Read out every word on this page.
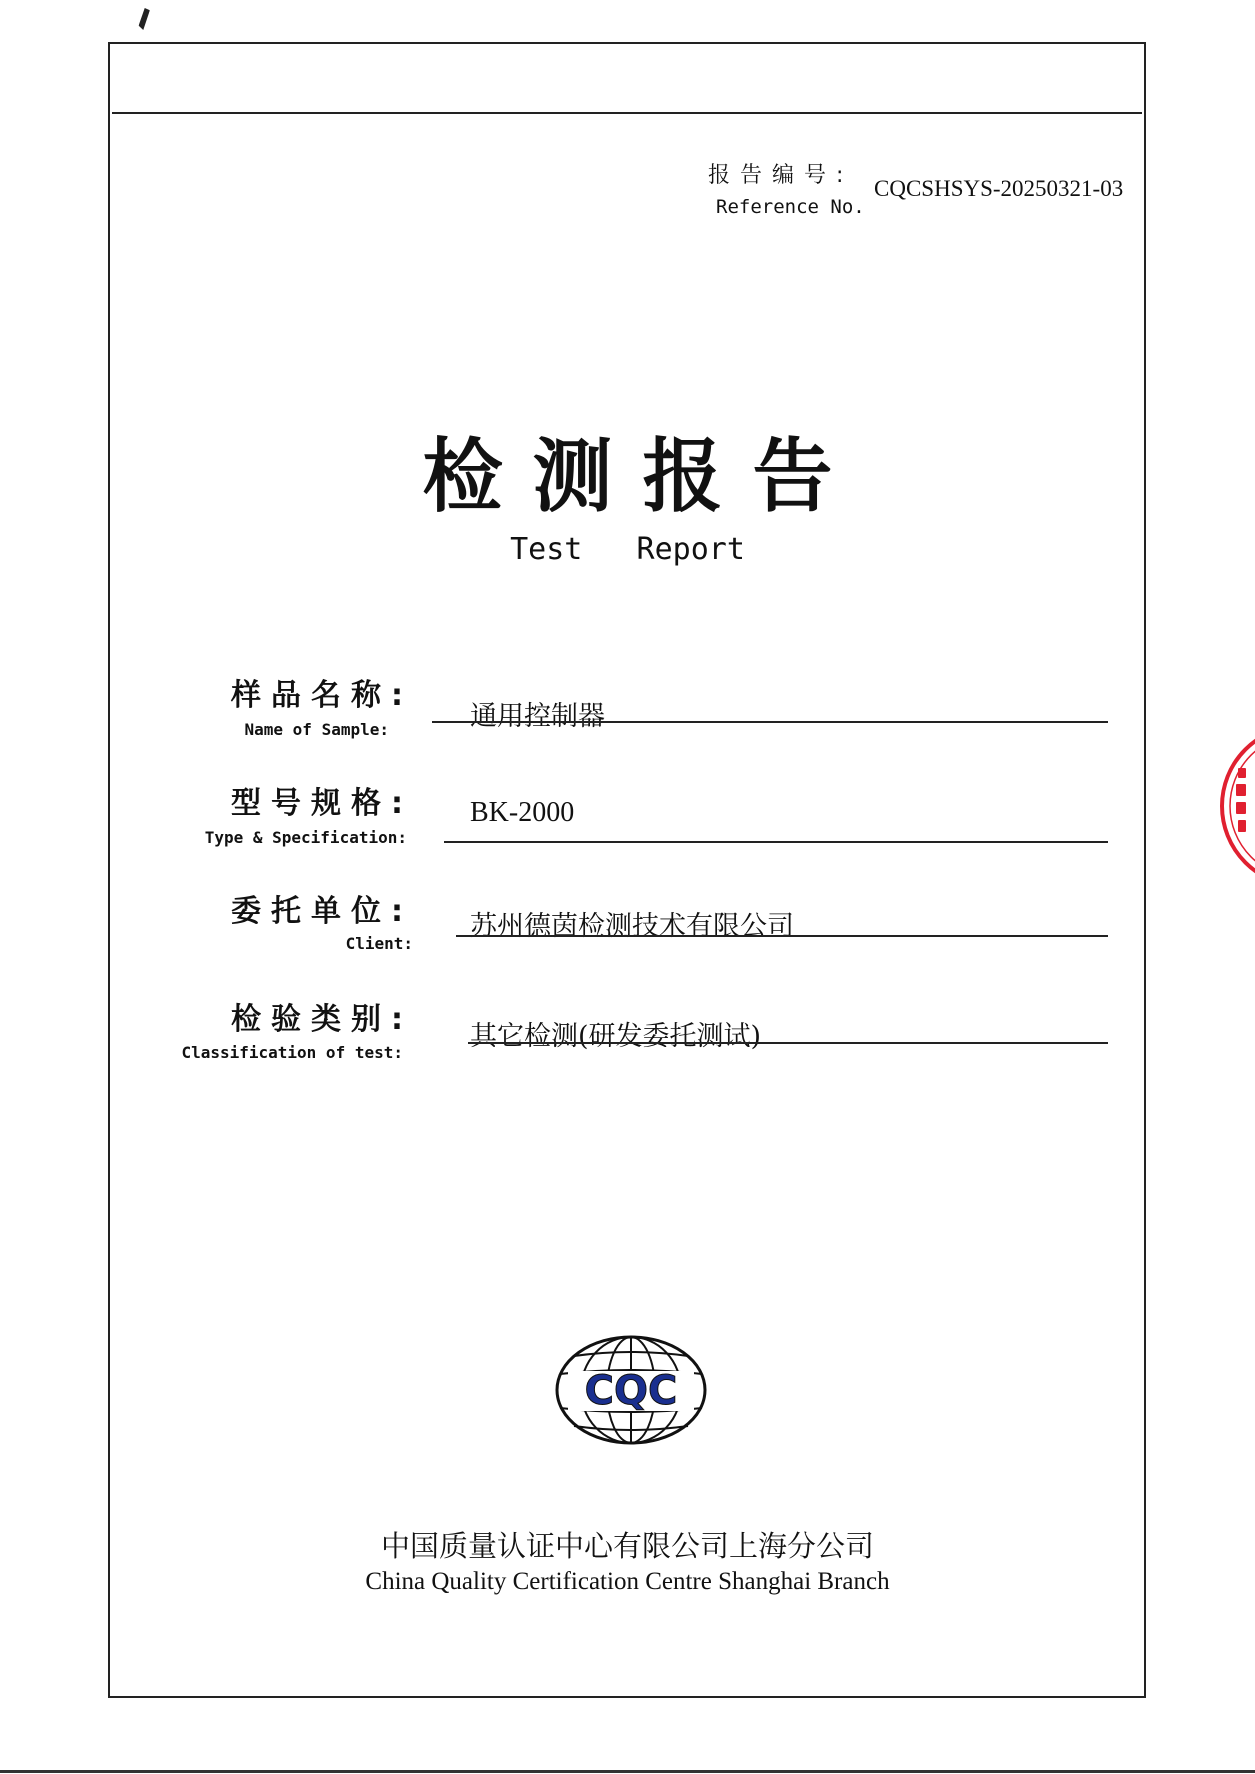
报告编号:
Reference No.
CQCSHSYS-20250321-03
检测报告
Test   Report
样品名称:
Name of Sample:	通用控制器
型号规格:
Type & Specification:
BK-2000
委托单位:
Client:
苏州德茵检测技术有限公司
检验类别:
Classification of test:
其它检测(研发委托测试)
CQC
中国质量认证中心有限公司上海分公司
China Quality Certification Centre Shanghai Branch
